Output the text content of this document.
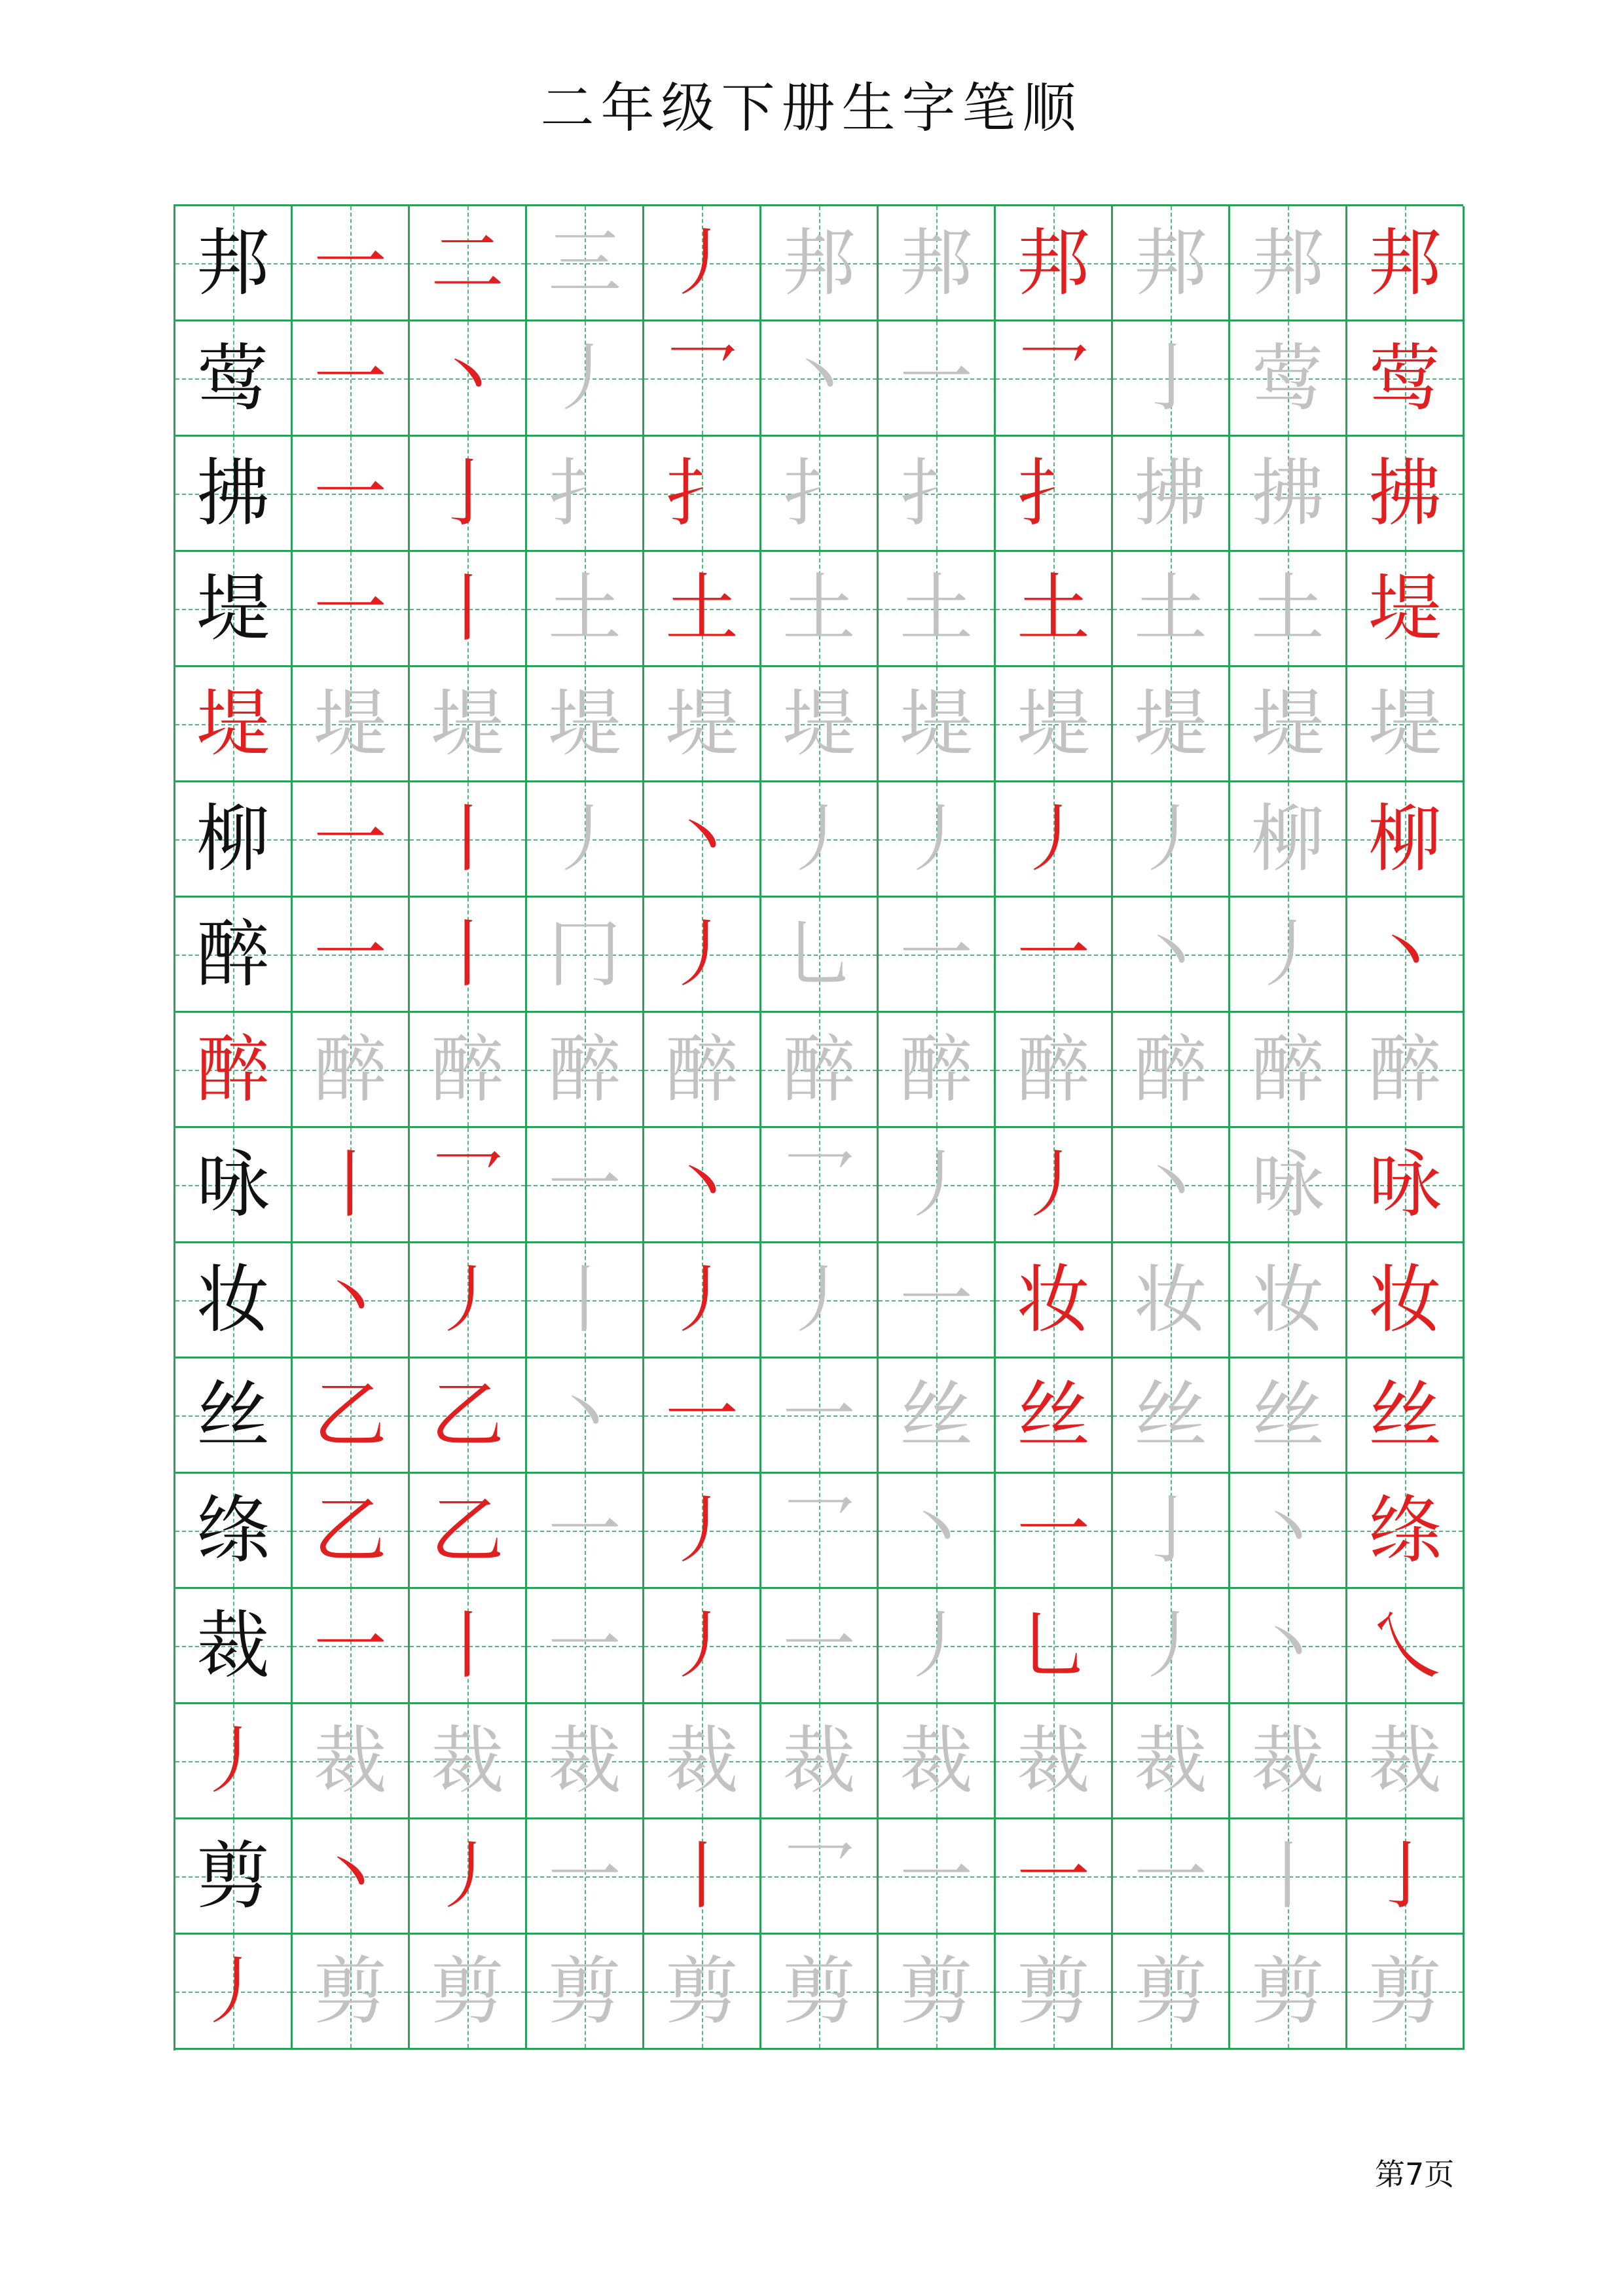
二年级下册生字笔顺
邦 一 二 三 丿 邦 邦 邦 邦 邦 邦
莺 一 丶 丿 乛 丶 一 乛 亅 莺 莺
拂 一 亅 扌 扌 扌 扌 扌 拂 拂 拂
堤 一 丨 土 土 土 土 土 土 土 堤
堤 堤 堤 堤 堤 堤 堤 堤 堤 堤 堤
柳 一 丨 丿 丶 丿 丿 丿 丿 柳 柳
醉 一 丨 冂 丿 乚 一 一 丶 丿 丶
醉 醉 醉 醉 醉 醉 醉 醉 醉 醉 醉
咏 丨 乛 一 丶 乛 丿 丿 丶 咏 咏
妆 丶 丿 丨 丿 丿 一 妆 妆 妆 妆
丝 乙 乙 丶 一 一 丝 丝 丝 丝 丝
绦 乙 乙 一 丿 乛 丶 一 亅 丶 绦
裁 一 丨 一 丿 一 丿 乚 丿 丶 乀
丿 裁 裁 裁 裁 裁 裁 裁 裁 裁 裁
剪 丶 丿 一 丨 乛 一 一 一 丨 亅
丿 剪 剪 剪 剪 剪 剪 剪 剪 剪 剪
第7页
